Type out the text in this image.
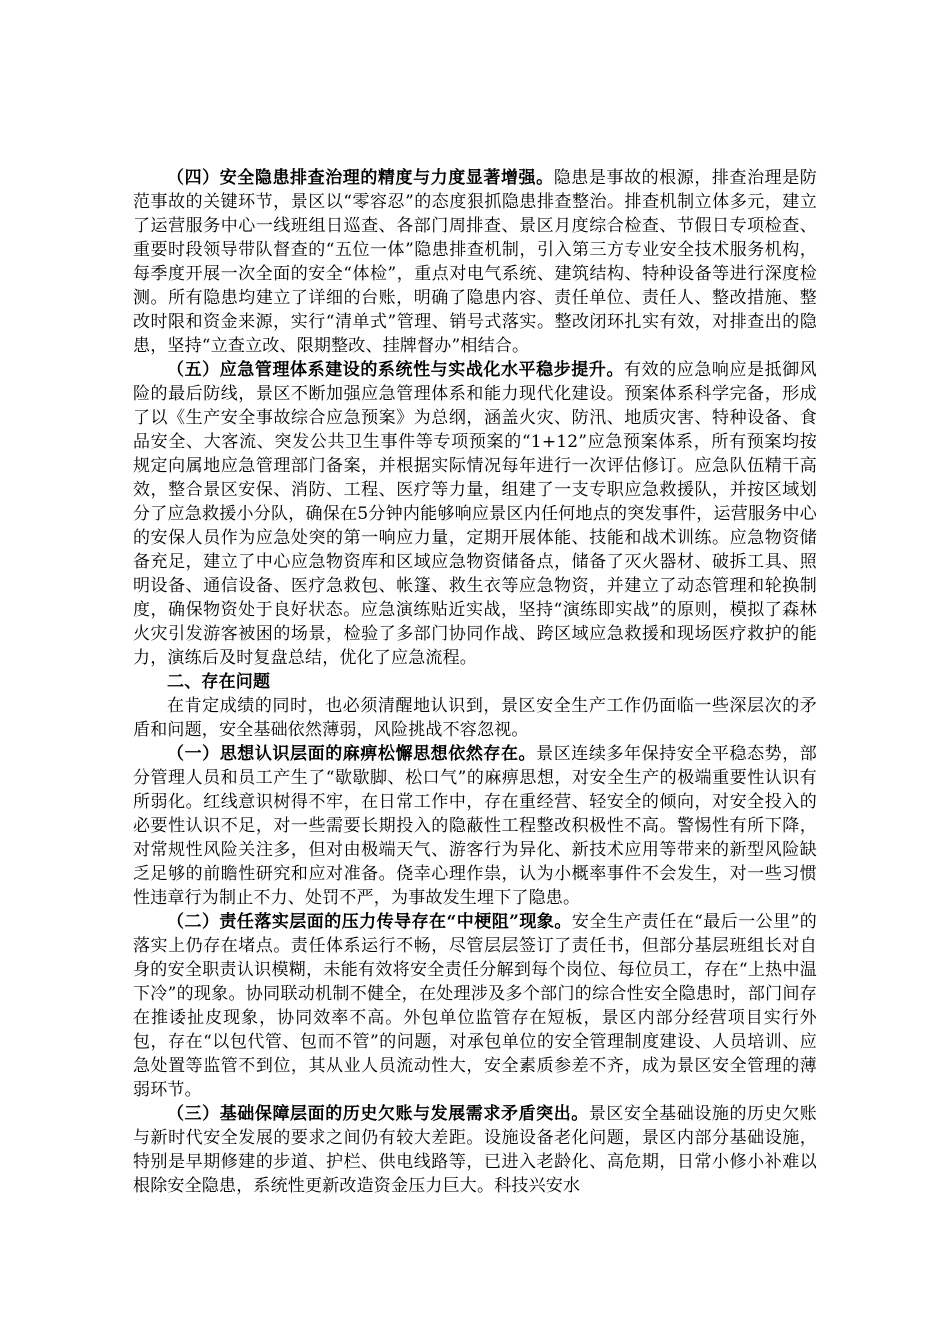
（四）安全隐患排查治理的精度与力度显著增强。隐患是事故的根源，排查治理是防范事故的关键环节，景区以“零容忍”的态度狠抓隐患排查整治。排查机制立体多元，建立了运营服务中心一线班组日巡查、各部门周排查、景区月度综合检查、节假日专项检查、重要时段领导带队督查的“五位一体”隐患排查机制，引入第三方专业安全技术服务机构，每季度开展一次全面的安全“体检”，重点对电气系统、建筑结构、特种设备等进行深度检测。所有隐患均建立了详细的台账，明确了隐患内容、责任单位、责任人、整改措施、整改时限和资金来源，实行“清单式”管理、销号式落实。整改闭环扎实有效，对排查出的隐患，坚持“立查立改、限期整改、挂牌督办”相结合。

（五）应急管理体系建设的系统性与实战化水平稳步提升。有效的应急响应是抵御风险的最后防线，景区不断加强应急管理体系和能力现代化建设。预案体系科学完备，形成了以《生产安全事故综合应急预案》为总纲，涵盖火灾、防汛、地质灾害、特种设备、食品安全、大客流、突发公共卫生事件等专项预案的“1+12”应急预案体系，所有预案均按规定向属地应急管理部门备案，并根据实际情况每年进行一次评估修订。应急队伍精干高效，整合景区安保、消防、工程、医疗等力量，组建了一支专职应急救援队，并按区域划分了应急救援小分队，确保在5分钟内能够响应景区内任何地点的突发事件，运营服务中心的安保人员作为应急处突的第一响应力量，定期开展体能、技能和战术训练。应急物资储备充足，建立了中心应急物资库和区域应急物资储备点，储备了灭火器材、破拆工具、照明设备、通信设备、医疗急救包、帐篷、救生衣等应急物资，并建立了动态管理和轮换制度，确保物资处于良好状态。应急演练贴近实战，坚持“演练即实战”的原则，模拟了森林火灾引发游客被困的场景，检验了多部门协同作战、跨区域应急救援和现场医疗救护的能力，演练后及时复盘总结，优化了应急流程。

二、存在问题

在肯定成绩的同时，也必须清醒地认识到，景区安全生产工作仍面临一些深层次的矛盾和问题，安全基础依然薄弱，风险挑战不容忽视。

（一）思想认识层面的麻痹松懈思想依然存在。景区连续多年保持安全平稳态势，部分管理人员和员工产生了“歇歇脚、松口气”的麻痹思想，对安全生产的极端重要性认识有所弱化。红线意识树得不牢，在日常工作中，存在重经营、轻安全的倾向，对安全投入的必要性认识不足，对一些需要长期投入的隐蔽性工程整改积极性不高。警惕性有所下降，对常规性风险关注多，但对由极端天气、游客行为异化、新技术应用等带来的新型风险缺乏足够的前瞻性研究和应对准备。侥幸心理作祟，认为小概率事件不会发生，对一些习惯性违章行为制止不力、处罚不严，为事故发生埋下了隐患。

（二）责任落实层面的压力传导存在“中梗阻”现象。安全生产责任在“最后一公里”的落实上仍存在堵点。责任体系运行不畅，尽管层层签订了责任书，但部分基层班组长对自身的安全职责认识模糊，未能有效将安全责任分解到每个岗位、每位员工，存在“上热中温下冷”的现象。协同联动机制不健全，在处理涉及多个部门的综合性安全隐患时，部门间存在推诿扯皮现象，协同效率不高。外包单位监管存在短板，景区内部分经营项目实行外包，存在“以包代管、包而不管”的问题，对承包单位的安全管理制度建设、人员培训、应急处置等监管不到位，其从业人员流动性大，安全素质参差不齐，成为景区安全管理的薄弱环节。

（三）基础保障层面的历史欠账与发展需求矛盾突出。景区安全基础设施的历史欠账与新时代安全发展的要求之间仍有较大差距。设施设备老化问题，景区内部分基础设施，特别是早期修建的步道、护栏、供电线路等，已进入老龄化、高危期，日常小修小补难以根除安全隐患，系统性更新改造资金压力巨大。科技兴安水
